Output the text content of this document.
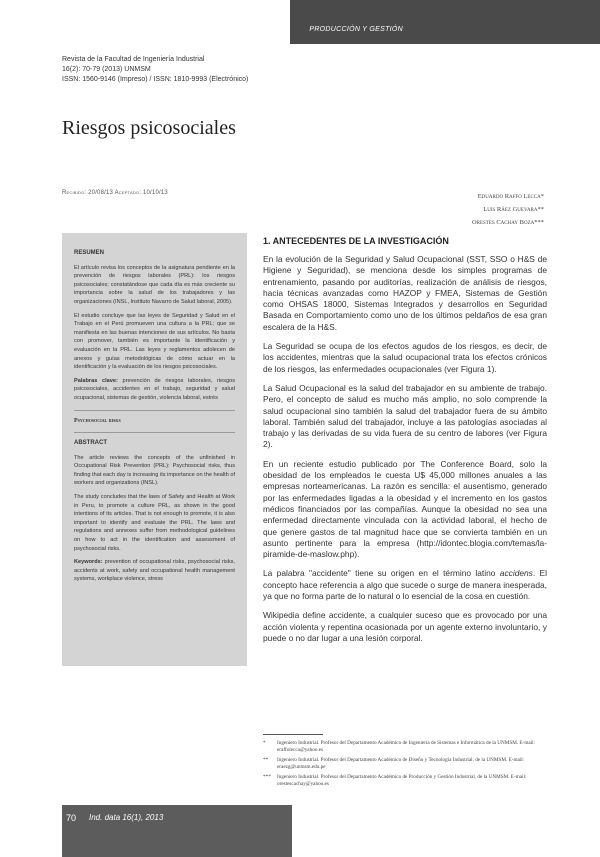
PRODUCCIÓN Y GESTIÓN
Revista de la Facultad de Ingeniería Industrial
16(2): 70-79 (2013) UNMSM
ISSN: 1560-9146 (Impreso) / ISSN: 1810-9993 (Electrónico)
Riesgos psicosociales
Recibido: 20/08/13 Aceptado: 10/10/13	Eduardo Raffo Lecca*
Luis Ráez Guevara**
Orestes Cachay Boza***
RESUMEN

El artículo revisa los conceptos de la asignatura pendiente en la prevención de riesgos laborales (PRL): los riesgos psicosociales; constatándose que cada día es más creciente su importancia sobre la salud de los trabajadores y las organizaciones (INSL, Instituto Navarro de Salud laboral, 2005).

El estudio concluye que las leyes de Seguridad y Salud en el Trabajo en el Perú promueven una cultura a la PRL; que se manifiesta en las buenas intenciones de sus artículos. No basta con promover, también es importante la identificación y evaluación en la PRL. Las leyes y reglamentos adolecen de anexos y guías metodológicas de cómo actuar en la identificación y la evaluación de los riesgos psicosociales.

Palabras clave: prevención de riesgos laborales, riesgos psicosociales, accidentes en el trabajo, seguridad y salud ocupacional, sistemas de gestión, violencia laboral, estrés

Psychosocial risks
ABSTRACT

The article reviews the concepts of the unfinished in Occupational Risk Prevention (PRL): Psychosocial risks, thus finding that each day is increasing its importance on the health of workers and organizations (INSL).

The study concludes that the laws of Safety and Health at Work in Peru, to promote a culture PRL, as shown in the good intentions of its articles. That is not enough to promote, it is also important to identify and evaluate the PRL. The laws and regulations and annexes suffer from methodological guidelines on how to act in the identification and assessment of psychosocial risks.

Keywords: prevention of occupational risks, psychosocial risks, accidents at work, safety and occupational health management systems, workplace violence, stress

1. ANTECEDENTES DE LA INVESTIGACIÓN

En la evolución de la Seguridad y Salud Ocupacional (SST, SSO o H&S de Higiene y Seguridad), se menciona desde los simples programas de entrenamiento, pasando por auditorías, realización de análisis de riesgos, hacia técnicas avanzadas como HAZOP y FMEA, Sistemas de Gestión como OHSAS 18000, Sistemas Integrados y desarrollos en Seguridad Basada en Comportamiento como uno de los últimos peldaños de esa gran escalera de la H&S.

La Seguridad se ocupa de los efectos agudos de los riesgos, es decir, de los accidentes, mientras que la salud ocupacional trata los efectos crónicos de los riesgos, las enfermedades ocupacionales (ver Figura 1).

La Salud Ocupacional es la salud del trabajador en su ambiente de trabajo. Pero, el concepto de salud es mucho más amplio, no solo comprende la salud ocupacional sino también la salud del trabajador fuera de su ámbito laboral. También salud del trabajador, incluye a las patologías asociadas al trabajo y las derivadas de su vida fuera de su centro de labores (ver Figura 2).

En un reciente estudio publicado por The Conference Board, solo la obesidad de los empleados le cuesta U$ 45,000 millones anuales a las empresas norteamericanas. La razón es sencilla: el ausentismo, generado por las enfermedades ligadas a la obesidad y el incremento en los gastos médicos financiados por las compañías. Aunque la obesidad no sea una enfermedad directamente vinculada con la actividad laboral, el hecho de que genere gastos de tal magnitud hace que se convierta también en un asunto pertinente para la empresa (http://idontec.blogia.com/temas/la-piramide-de-maslow.php).

La palabra "accidente" tiene su origen en el término latino accidens. El concepto hace referencia a algo que sucede o surge de manera inesperada, ya que no forma parte de lo natural o lo esencial de la cosa en cuestión.

Wikipedia define accidente, a cualquier suceso que es provocado por una acción violenta y repentina ocasionada por un agente externo involuntario, y puede o no dar lugar a una lesión corporal.

*	Ingeniero Industrial. Profesor del Departamento Académico de Ingeniería de Sistemas e Informática de la UNMSM. E-mail: eraffolecca@yahoo.es
**	Ingeniero Industrial. Profesor del Departamento Académico de Diseño y Tecnología Industrial, de la UNMSM. E-mail: eraezg@unmsm.edu.pe
***	Ingeniero Industrial. Profesor del Departamento Académico de Producción y Gestión Industrial, de la UNMSM. E-mail: orestescachay@yahoo.es
70 Ind. data 16(1), 2013
